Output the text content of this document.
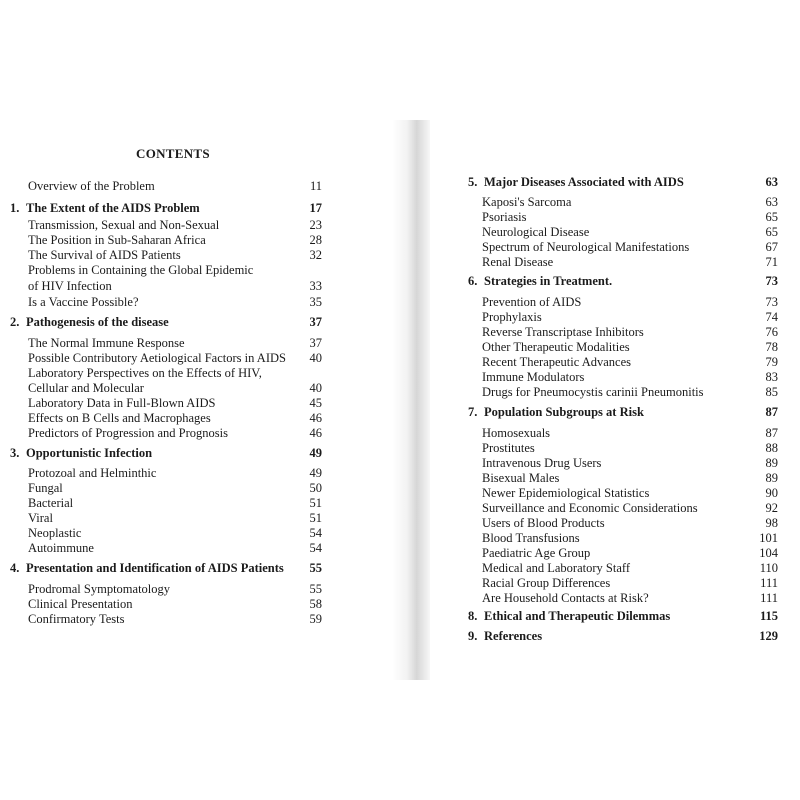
CONTENTS
Overview of the Problem	11
1. The Extent of the AIDS Problem	17
Transmission, Sexual and Non-Sexual	23
The Position in Sub-Saharan Africa	28
The Survival of AIDS Patients	32
Problems in Containing the Global Epidemic
of HIV Infection	33
Is a Vaccine Possible?	35
2. Pathogenesis of the disease	37
The Normal Immune Response	37
Possible Contributory Aetiological Factors in AIDS	40
Laboratory Perspectives on the Effects of HIV,
Cellular and Molecular	40
Laboratory Data in Full-Blown AIDS	45
Effects on B Cells and Macrophages	46
Predictors of Progression and Prognosis	46
3. Opportunistic Infection	49
Protozoal and Helminthic	49
Fungal	50
Bacterial	51
Viral	51
Neoplastic	54
Autoimmune	54
4. Presentation and Identification of AIDS Patients	55
Prodromal Symptomatology	55
Clinical Presentation	58
Confirmatory Tests	59
5. Major Diseases Associated with AIDS	63
Kaposi's Sarcoma	63
Psoriasis	65
Neurological Disease	65
Spectrum of Neurological Manifestations	67
Renal Disease	71
6. Strategies in Treatment.	73
Prevention of AIDS	73
Prophylaxis	74
Reverse Transcriptase Inhibitors	76
Other Therapeutic Modalities	78
Recent Therapeutic Advances	79
Immune Modulators	83
Drugs for Pneumocystis carinii Pneumonitis	85
7. Population Subgroups at Risk	87
Homosexuals	87
Prostitutes	88
Intravenous Drug Users	89
Bisexual Males	89
Newer Epidemiological Statistics	90
Surveillance and Economic Considerations	92
Users of Blood Products	98
Blood Transfusions	101
Paediatric Age Group	104
Medical and Laboratory Staff	110
Racial Group Differences	111
Are Household Contacts at Risk?	111
8. Ethical and Therapeutic Dilemmas	115
9. References	129
